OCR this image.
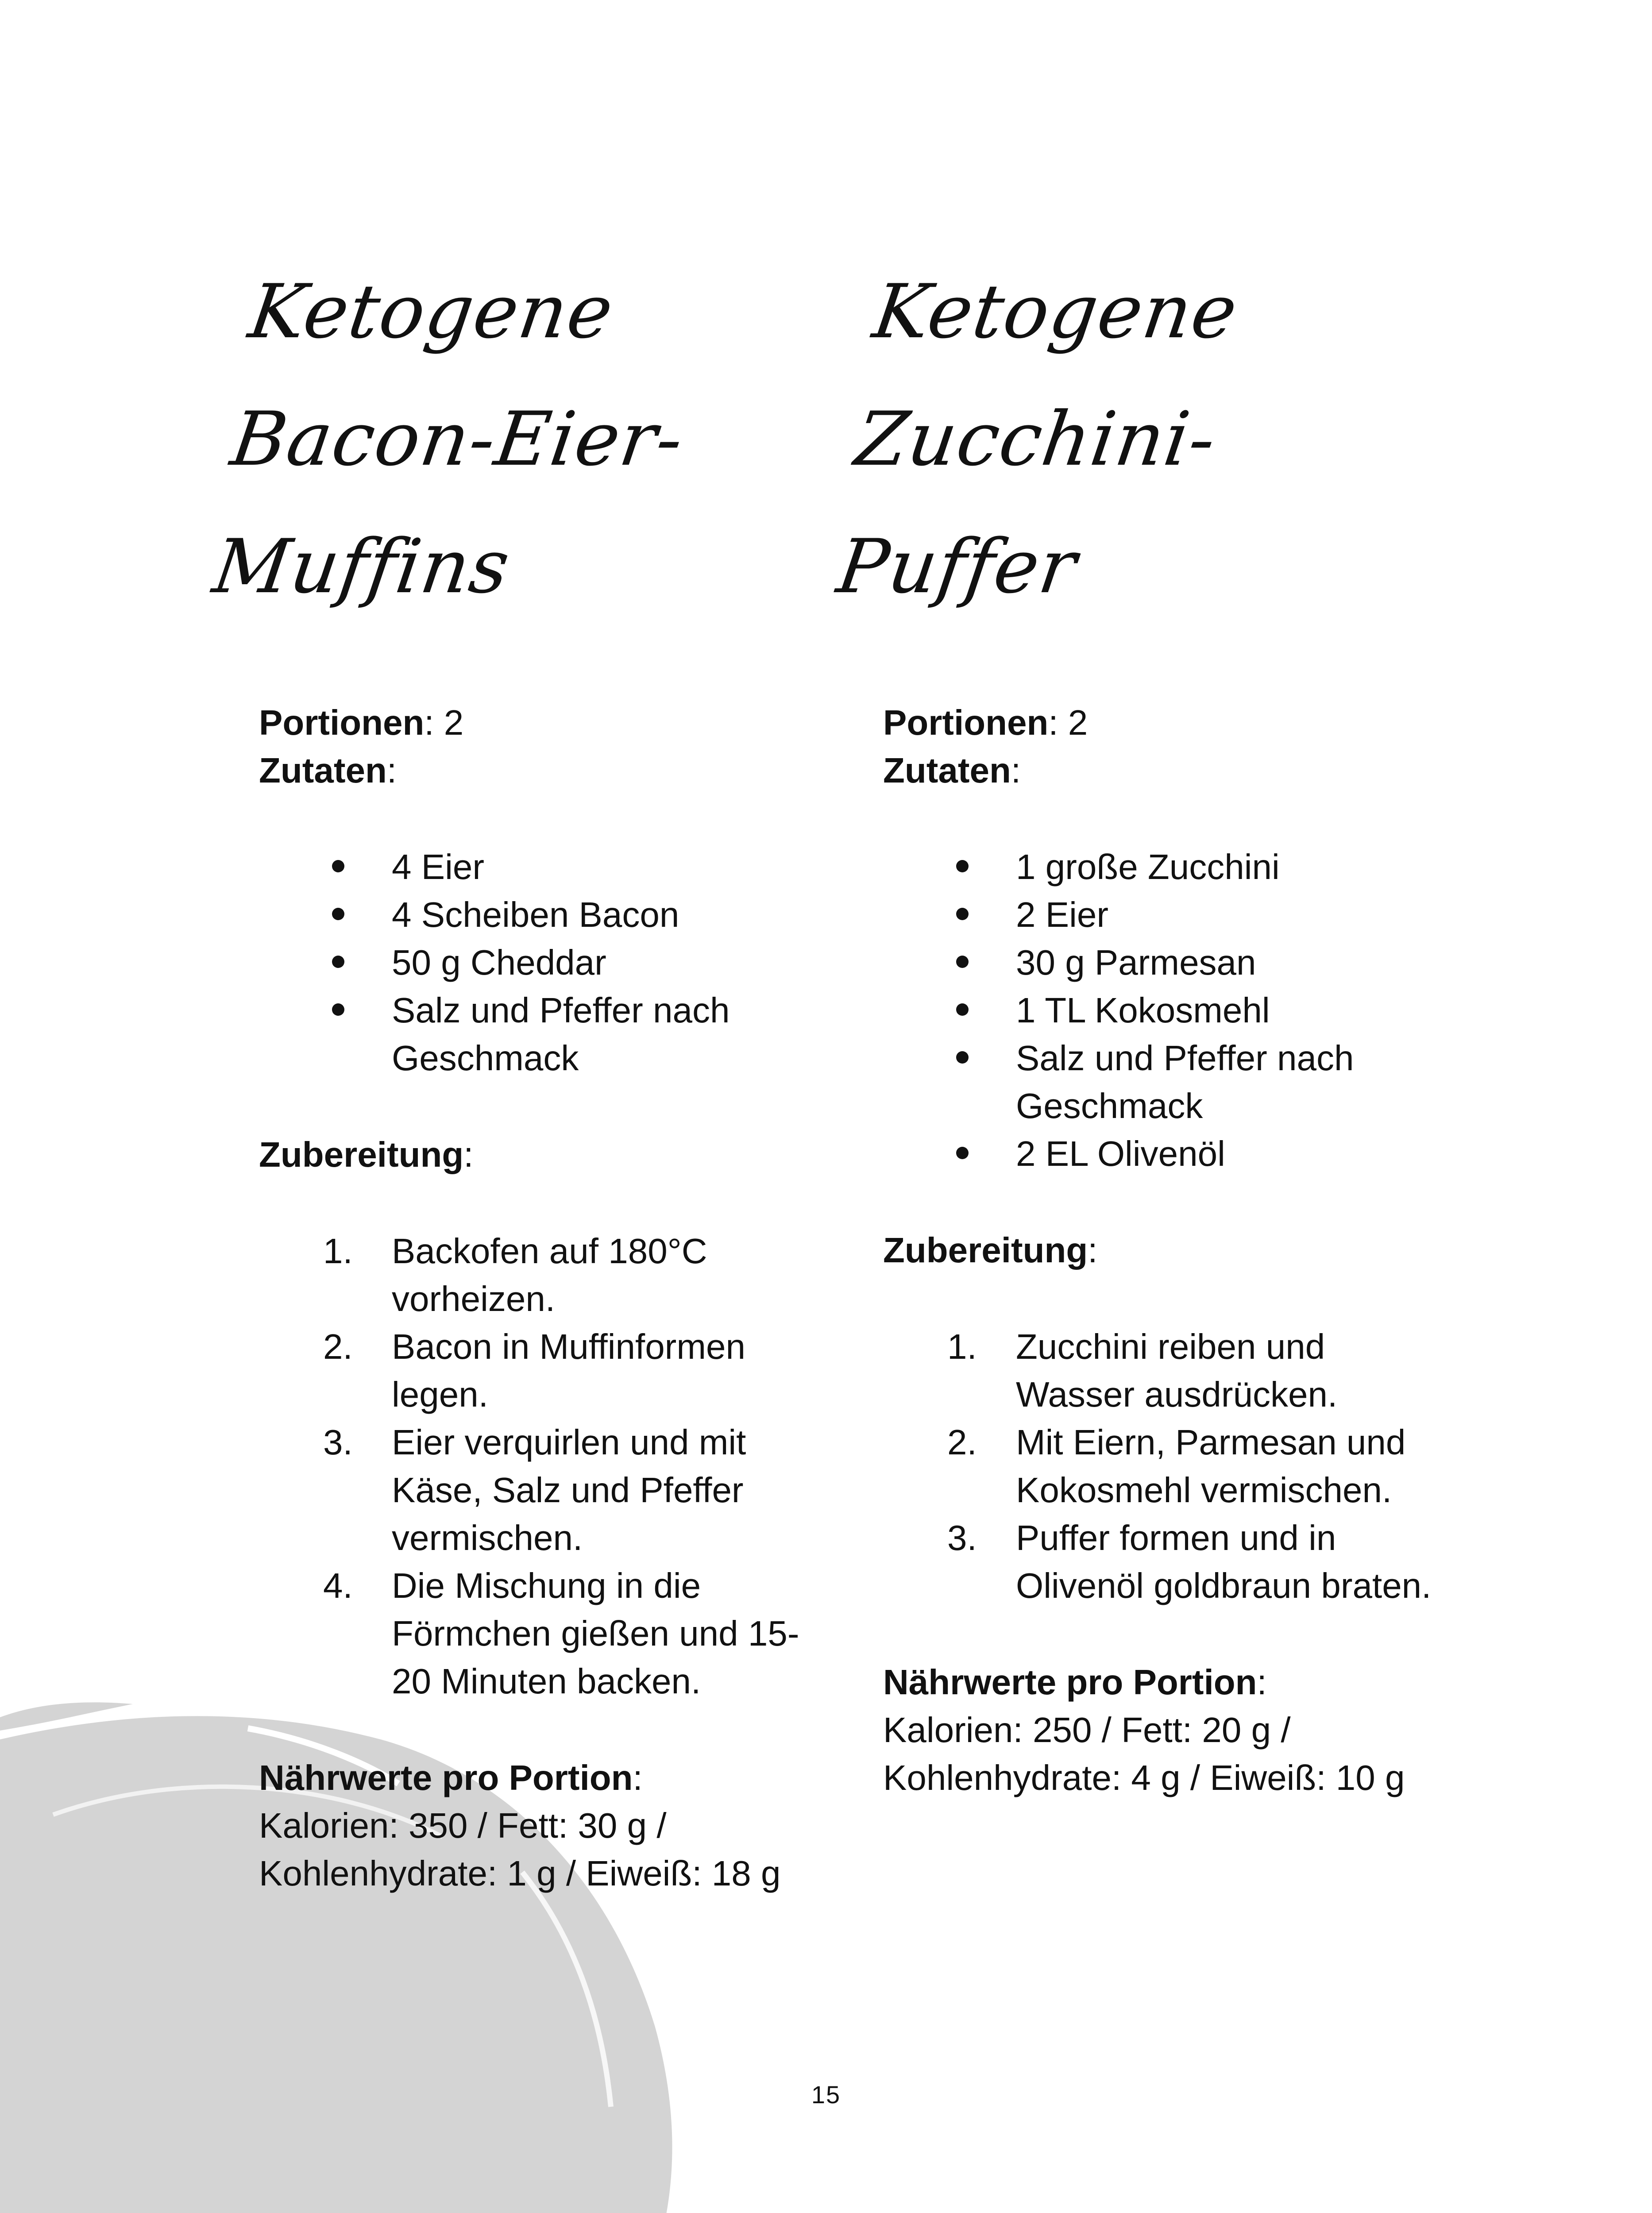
Ketogene Bacon-Eier-
Muffins
Portionen: 2
Zutaten:
4 Eier
4 Scheiben Bacon
50 g Cheddar
Salz und Pfeffer nach Geschmack
Zubereitung:
1. Backofen auf 180°C vorheizen.
2. Bacon in Muffinformen legen.
3. Eier verquirlen und mit Käse, Salz und Pfeffer vermischen.
4. Die Mischung in die Förmchen gießen und 15-20 Minuten backen.
Nährwerte pro Portion:
Kalorien: 350 / Fett: 30 g /
Kohlenhydrate: 1 g / Eiweiß: 18 g
Ketogene Zucchini-
Puffer
Portionen: 2
Zutaten:
1 große Zucchini
2 Eier
30 g Parmesan
1 TL Kokosmehl
Salz und Pfeffer nach Geschmack
2 EL Olivenöl
Zubereitung:
1. Zucchini reiben und Wasser ausdrücken.
2. Mit Eiern, Parmesan und Kokosmehl vermischen.
3. Puffer formen und in Olivenöl goldbraun braten.
Nährwerte pro Portion:
Kalorien: 250 / Fett: 20 g /
Kohlenhydrate: 4 g / Eiweiß: 10 g
15
